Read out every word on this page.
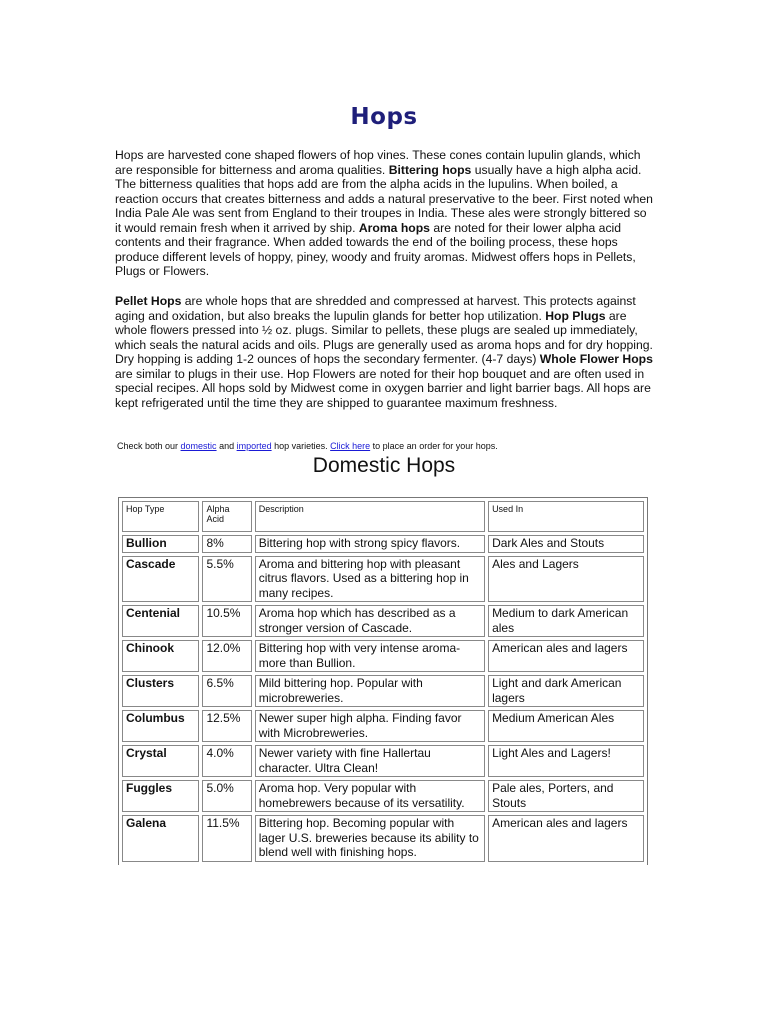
Hops

Hops are harvested cone shaped flowers of hop vines. These cones contain lupulin glands, which are responsible for bitterness and aroma qualities. Bittering hops usually have a high alpha acid. The bitterness qualities that hops add are from the alpha acids in the lupulins. When boiled, a reaction occurs that creates bitterness and adds a natural preservative to the beer. First noted when India Pale Ale was sent from England to their troupes in India. These ales were strongly bittered so it would remain fresh when it arrived by ship. Aroma hops are noted for their lower alpha acid contents and their fragrance. When added towards the end of the boiling process, these hops produce different levels of hoppy, piney, woody and fruity aromas. Midwest offers hops in Pellets, Plugs or Flowers.

Pellet Hops are whole hops that are shredded and compressed at harvest. This protects against aging and oxidation, but also breaks the lupulin glands for better hop utilization. Hop Plugs are whole flowers pressed into ½ oz. plugs. Similar to pellets, these plugs are sealed up immediately, which seals the natural acids and oils. Plugs are generally used as aroma hops and for dry hopping. Dry hopping is adding 1-2 ounces of hops the secondary fermenter. (4-7 days) Whole Flower Hops are similar to plugs in their use. Hop Flowers are noted for their hop bouquet and are often used in special recipes. All hops sold by Midwest come in oxygen barrier and light barrier bags. All hops are kept refrigerated until the time they are shipped to guarantee maximum freshness.

Check both our domestic and imported hop varieties. Click here to place an order for your hops.
Domestic Hops
Hop Type	Alpha Acid	Description	Used In
Bullion	8%	Bittering hop with strong spicy flavors.	Dark Ales and Stouts
Cascade	5.5%	Aroma and bittering hop with pleasant citrus flavors. Used as a bittering hop in many recipes.	Ales and Lagers
Centenial	10.5%	Aroma hop which has described as a stronger version of Cascade.	Medium to dark American ales
Chinook	12.0%	Bittering hop with very intense aroma-more than Bullion.	American ales and lagers
Clusters	6.5%	Mild bittering hop. Popular with microbreweries.	Light and dark American lagers
Columbus	12.5%	Newer super high alpha. Finding favor with Microbreweries.	Medium American Ales
Crystal	4.0%	Newer variety with fine Hallertau character. Ultra Clean!	Light Ales and Lagers!
Fuggles	5.0%	Aroma hop. Very popular with homebrewers because of its versatility.	Pale ales, Porters, and Stouts
Galena	11.5%	Bittering hop. Becoming popular with lager U.S. breweries because its ability to blend well with finishing hops.	American ales and lagers
